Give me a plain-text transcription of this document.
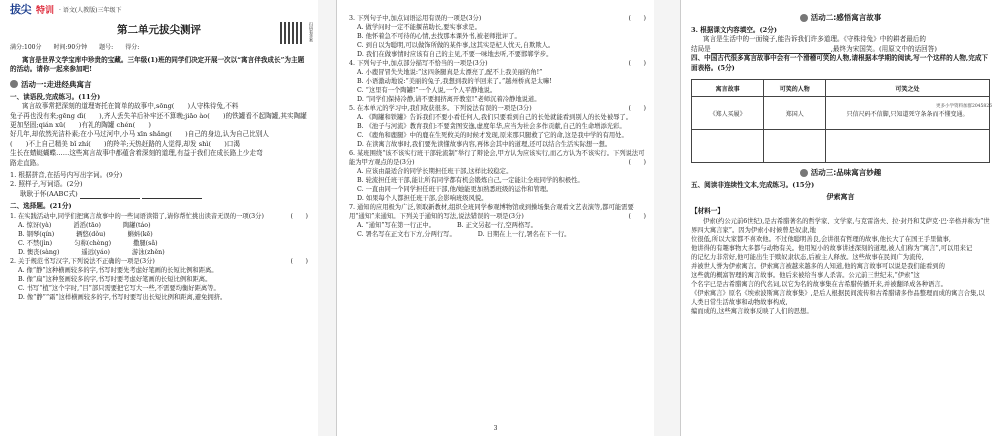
拔尖 特训 · 语文(人教版)三年级下
第二单元拔尖测评	扫码看答案
满分:100分 时间:90分钟 题号: 得分:

寓言是世界文学宝库中珍贵的宝藏。三年级(1)班的同学们决定开展一次以“寓言伴我成长”为主题的活动。请你一起来参加吧!

活动一:走进经典寓言

一、读语段,完成练习。(11分)

寓言故事常把深刻的道理寄托在简单的故事中,sōng(　　)人守株待兔,不料

兔子再也没有来;gēng dì(　　),齐人丢失羊后补牢还不算晚;jiāo ào(　　)的铁罐看不起陶罐,其实陶罐更加坚固;qián xū(　　)有礼的陶罐 chén(　　)

好几年,却依然光洁朴素;在小马过河中,小马 xīn shǎng(　　)自己的身边,认为自己比别人

(　　)不上自己精美 bǐ zhí(　　)的羚羊;天热赶路的人觉得,却发 shì(　　)口渴

生长在蜻蜓蝴蝶……这些寓言故事中都蕴含着深刻的道理,有益于我们在成长路上少走弯

路走直路。

1. 根据拼音,在括号内写出字词。(9分)

2. 照样子,写词语。(2分)

耿耿于怀(AABC式)

二、选择题。(21分)

1. 在实践活动中,同学们把寓言故事中的一些词语读错了,请你帮忙挑出读音无误的一项(3分)	(　　)

A. 惊讶(yà)	滔滔(tāo)	陶罐(táo)
B. 钢琴(qín)	辆悠(dǒu)	蝌蚪(kē)
C. 不禁(jìn)	匀称(chèng)	撒腿(sǎ)
D. 懊丧(sàng)	遥远(yáo)	游泳(zhěn)

2. 关于规范书写汉字,下列说法不正确的一项是(3分)	(　　)

A. 像“静”这种横画较多的字,书写时要先考虑好笔画的长短比例和距离。

B. 像“扁”这种竖画较多的字,书写时要考虑好笔画的长短比例和距离。

C. 书写“植”这个字时,“目”部只需要把它写大一些,不需要均衡好距离等。

D. 像“静”“霜”这样横画较多的字,书写时要写出长短比例和距离,避免拥挤。

3. 下列句子中,加点词语运用有误的一项是(3分)	(　　)

A. 做学问时一定不能揠苗助长,要实事求是。

B. 他怀着急不可待的心情,去找那本课外书,被老师批评了。

C. 到自以为聪明,可以做饰所做的某件事,这其实是杞人忧天,自欺欺人。

D. 我们在做事情时应该有自己的主见,不要一味地去听,不要邯郸学步。

4. 下列句子中,加点部分描写不恰当的一项是(3分)	(　　)

A. 小鹿冒冒失失地说:“这四条腿真是太漂亮了,配不上我美丽的角!”

B. 小语激动地说:“美丽的兔子,我想到我的羊回来了。”越州桥真是太嘛!

C. “这里有一个陶罐!”一个人说,一个人平静地说。

D. “同学们保持冷静,请不要拥挤离开教室!”老师沉着冷静地说道。

5. 在本单元的学习中,我们收获很多。下列说法有误的一项是(3分)	(　　)

A. 《陶罐和铁罐》告诉我们不要小看任何人,我们只要看到自己的长处就能看到别人的长处被辱了。

B. 《池子与河流》教育我们:不要贪图安逸,虚度年华,应当为社会多作贡献,自己的生命增添光彩。

C. 《鹿角和鹿腿》中的鹿在生死攸关的时候才发现,原来那只腿救了它的命,这是我中学的有用处。

D. 在读寓言故事时,我们要先读懂故事内容,再体会其中的道理,还可以结合生活实际想一想。

6. 某班围绕“该不该实行班干部轮流制”举行了辩论会,甲方认为应该实行,而乙方认为不该实行。下列说法可能为甲方观点的是(3分)	(　　)

A. 应该由最适合的同学长期担任班干部,这样比较稳定。

B. 轮流担任班干部,能让所有同学都有机会锻炼自己,一定能让全班同学的积极性。

C. 一直由同一个同学担任班干部,他/她能更加熟悉班级的运作和管理。

D. 如果每个人都担任班干部,会影响班级风貌。

7. 通知的应用极为广泛,领取新教材,组织全班同学参观博物馆或到操场集合观看文艺表演等,都可能需要用“通知”来通知。下列关于通知的写法,说法错误的一项是(3分)	(　　)

A. “通知”写在第一行正中。	B. 正文另起一行,空两格写。
C. 署名写在正文右下方,分两行写。	D. 日期在上一行,署名在下一行。
3
活动二:感悟寓言故事

3. 根据课文内容填空。(2分)

寓言是生活中的一面镜子,能告诉我们许多道理。《守株待兔》中的耕者最后的

结局是	,最终为宋国笑。(用原文中的话回答)

四、中国古代很多寓言故事中会有一个滑稽可笑的人物,请根据本学期的阅读,写一个这样的人物,完成下面表格。(5分)

更多小学资料加群2045826
寓言故事	可笑的人物	可笑之处
《郑人买履》	郑国人	只信尺码不信脚,只知道死守条条而不懂变通。

活动三:品味寓言妙趣

五、阅读非连续性文本,完成练习。(15分)

伊索寓言
【材料一】

伊索(约公元前6世纪),是古希腊著名的哲学家、文学家,与克雷洛夫、拉·封丹和艾萨克·巴·辛格并称为“世界四大寓言家”。因为伊索小时候曾是奴隶,地

位很低,所以大家都不喜欢他。不过他聪明善良,会讲很有哲理的故事,他长大了在国王手里做事,

他讲得的有趣事物大多都与动物有关。他用短小的故事讲述深刻的道理,被人们称为“寓言”,可以用来记

的记忆力非常好,他可能出生于赎奴隶状态,后被主人释放。这些故事在民间广为流传,

并被世人誉为伊索寓言。伊索寓言被越来越多的人知道,他的寓言故事可以说是我们能看到的

这些就的概富智理的寓言故事。他后来被给当事人杀害。公元前三世纪末,“伊索”这

个名字已是古希腊寓言的代名词,以它为名的故事集在古希腊传播开来,并被翻译成各种语言。

《伊索寓言》原名《埃索波斯寓言故事集》,是后人根据民间流传和古希腊诸多作品整理而成的寓言合集,以人类日常生活故事和动物故事构成,

编而成的,这些寓言故事反映了人们的思想。
